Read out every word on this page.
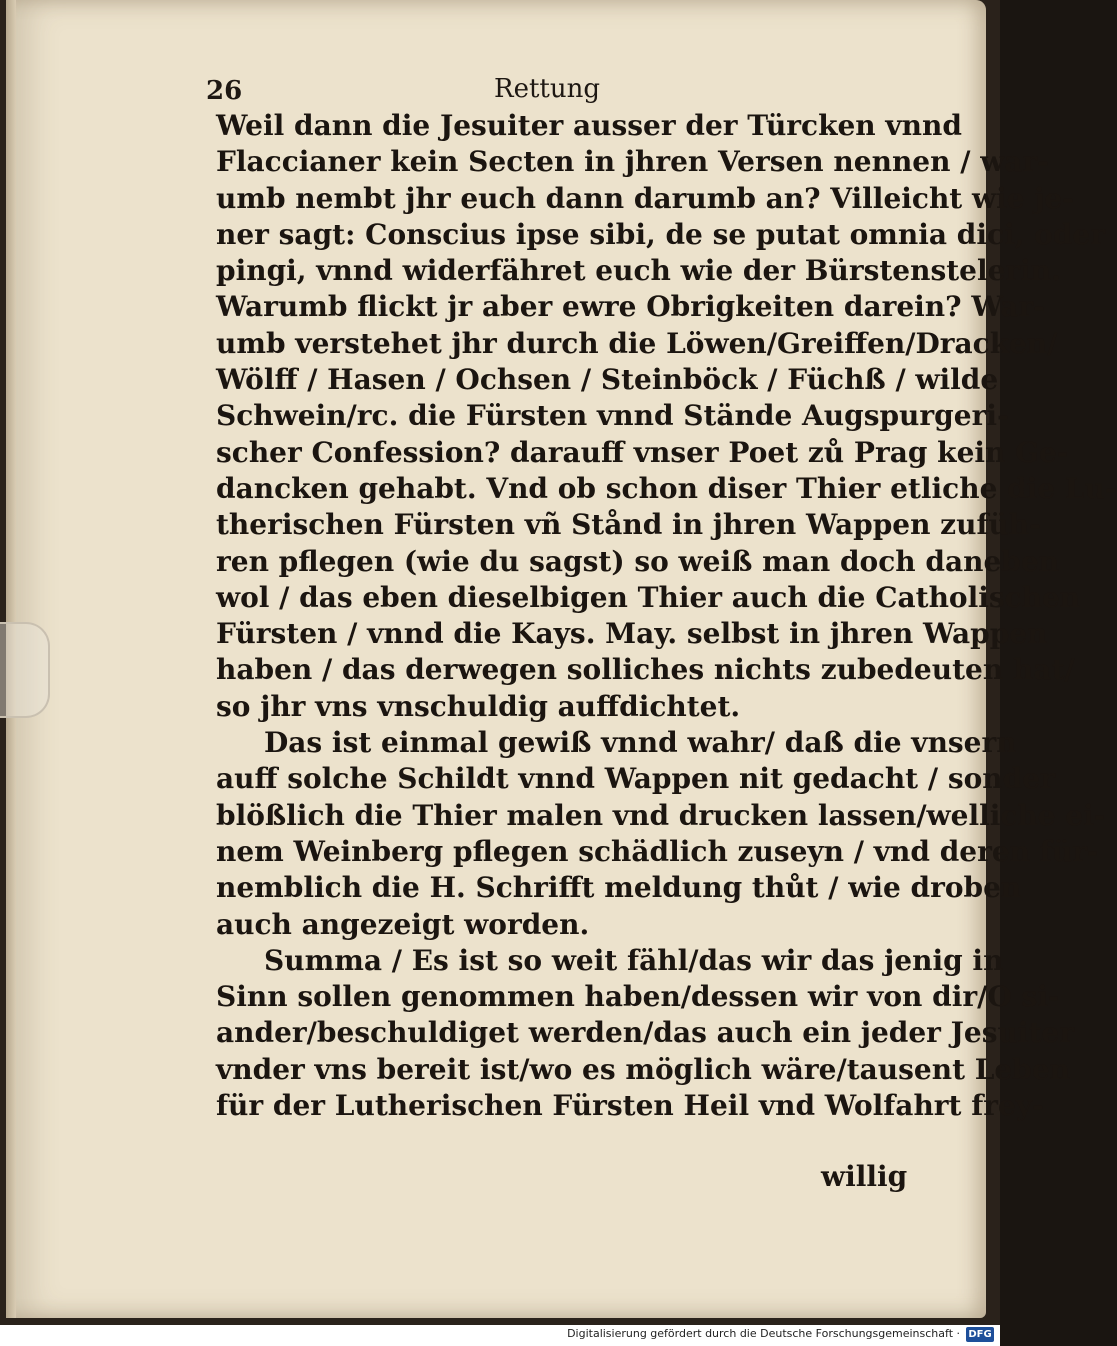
26	Rettung
Weil dann die Jesuiter ausser der Türcken vnnd
Flaccianer kein Secten in jhren Versen nennen / war‑
umb nembt jhr euch dann darumb an? Villeicht wie je‑
ner sagt: Conscius ipse sibi, de se putat omnia dici, oder
pingi, vnnd widerfähret euch wie der Bürstenstelerin.
Warumb flickt jr aber ewre Obrigkeiten darein? War‑
umb verstehet jhr durch die Löwen/Greiffen/Dracken/
Wölff / Hasen / Ochsen / Steinböck / Füchß / wilde
Schwein/rc. die Fürsten vnnd Stände Augspurgeri‑
scher Confession? darauff vnser Poet zů Prag kein Ge‑
dancken gehabt. Vnd ob schon diser Thier etliche die Lu‑
therischen Fürsten vñ Stånd in jhren Wappen zufüh‑
ren pflegen (wie du sagst) so weiß man doch daneben
wol / das eben dieselbigen Thier auch die Catholischen
Fürsten / vnnd die Kays. May. selbst in jhren Wappen
haben / das derwegen solliches nichts zubedeuten hat/
so jhr vns vnschuldig auffdichtet.
Das ist einmal gewiß vnnd wahr/ daß die vnsern
auff solche Schildt vnnd Wappen nit gedacht / sonder
blößlich die Thier malen vnd drucken lassen/welliche ei‑
nem Weinberg pflegen schädlich zuseyn / vnd deren für‑
nemblich die H. Schrifft meldung thůt / wie droben
auch angezeigt worden.
Summa / Es ist so weit fähl/das wir das jenig in
Sinn sollen genommen haben/dessen wir von dir/O si‑
ander/beschuldiget werden/das auch ein jeder Jesuiter
vnder vns bereit ist/wo es möglich wäre/tausent Leben
für der Lutherischen Fürsten Heil vnd Wolfahrt frey‑
willig
Digitalisierung gefördert durch die Deutsche Forschungsgemeinschaft · DFG
